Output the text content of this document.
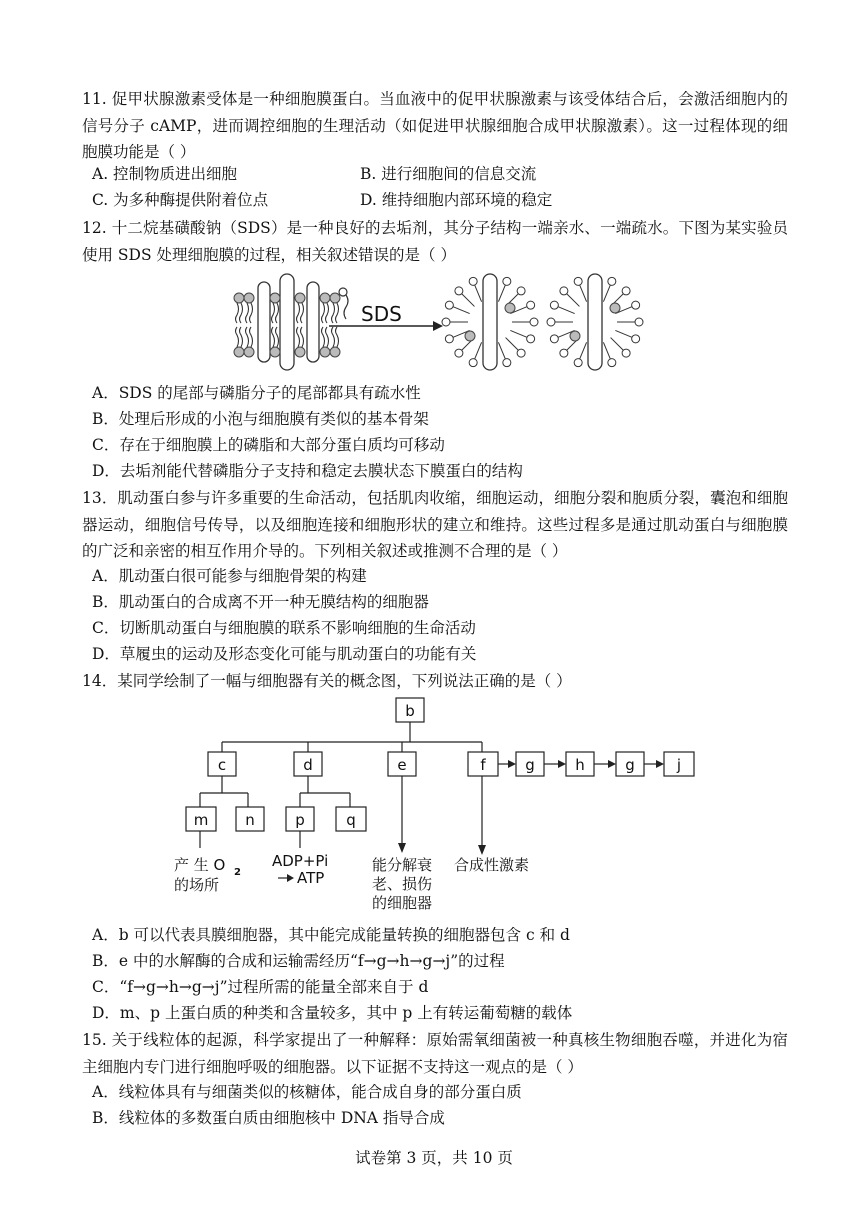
11. 促甲状腺激素受体是一种细胞膜蛋白。当血液中的促甲状腺激素与该受体结合后，会激活细胞内的信号分子 cAMP，进而调控细胞的生理活动（如促进甲状腺细胞合成甲状腺激素）。这一过程体现的细胞膜功能是（ ）
A. 控制物质进出细胞	B. 进行细胞间的信息交流
C. 为多种酶提供附着位点	D. 维持细胞内部环境的稳定
12. 十二烷基磺酸钠（SDS）是一种良好的去垢剂，其分子结构一端亲水、一端疏水。下图为某实验员使用 SDS 处理细胞膜的过程，相关叙述错误的是（ ）
SDS
A．SDS 的尾部与磷脂分子的尾部都具有疏水性
B．处理后形成的小泡与细胞膜有类似的基本骨架
C．存在于细胞膜上的磷脂和大部分蛋白质均可移动
D．去垢剂能代替磷脂分子支持和稳定去膜状态下膜蛋白的结构
13．肌动蛋白参与许多重要的生命活动，包括肌肉收缩，细胞运动，细胞分裂和胞质分裂，囊泡和细胞器运动，细胞信号传导，以及细胞连接和细胞形状的建立和维持。这些过程多是通过肌动蛋白与细胞膜的广泛和亲密的相互作用介导的。下列相关叙述或推测不合理的是（ ）
A．肌动蛋白很可能参与细胞骨架的构建
B．肌动蛋白的合成离不开一种无膜结构的细胞器
C．切断肌动蛋白与细胞膜的联系不影响细胞的生命活动
D．草履虫的运动及形态变化可能与肌动蛋白的功能有关
14．某同学绘制了一幅与细胞器有关的概念图，下列说法正确的是（ ）
b
c	d	e	f	g	h	g	j
m n	p	q
产 生 O 2
的场所
ADP+Pi
ATP
能分解衰
老、损伤
的细胞器
合成性激素
A．b 可以代表具膜细胞器，其中能完成能量转换的细胞器包含 c 和 d
B．e 中的水解酶的合成和运输需经历“f→g→h→g→j”的过程
C．“f→g→h→g→j”过程所需的能量全部来自于 d
D．m、p 上蛋白质的种类和含量较多，其中 p 上有转运葡萄糖的载体
15. 关于线粒体的起源，科学家提出了一种解释：原始需氧细菌被一种真核生物细胞吞噬，并进化为宿主细胞内专门进行细胞呼吸的细胞器。以下证据不支持这一观点的是（ ）
A．线粒体具有与细菌类似的核糖体，能合成自身的部分蛋白质
B．线粒体的多数蛋白质由细胞核中 DNA 指导合成
试卷第 3 页，共 10 页
